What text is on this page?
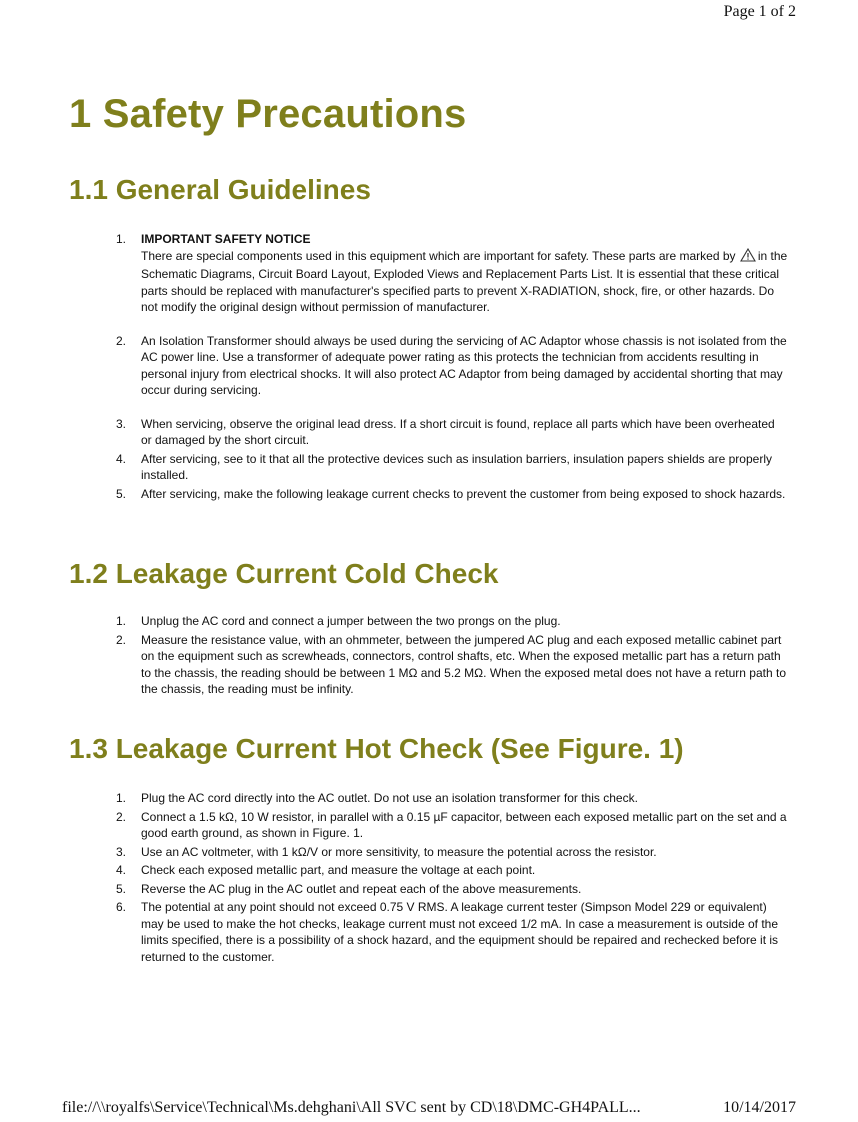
Page 1 of 2
1 Safety Precautions
1.1 General Guidelines
1. IMPORTANT SAFETY NOTICE
There are special components used in this equipment which are important for safety. These parts are marked by in the Schematic Diagrams, Circuit Board Layout, Exploded Views and Replacement Parts List. It is essential that these critical parts should be replaced with manufacturer's specified parts to prevent X-RADIATION, shock, fire, or other hazards. Do not modify the original design without permission of manufacturer.
2. An Isolation Transformer should always be used during the servicing of AC Adaptor whose chassis is not isolated from the AC power line. Use a transformer of adequate power rating as this protects the technician from accidents resulting in personal injury from electrical shocks. It will also protect AC Adaptor from being damaged by accidental shorting that may occur during servicing.
3. When servicing, observe the original lead dress. If a short circuit is found, replace all parts which have been overheated or damaged by the short circuit.
4. After servicing, see to it that all the protective devices such as insulation barriers, insulation papers shields are properly installed.
5. After servicing, make the following leakage current checks to prevent the customer from being exposed to shock hazards.
1.2 Leakage Current Cold Check
1. Unplug the AC cord and connect a jumper between the two prongs on the plug.
2. Measure the resistance value, with an ohmmeter, between the jumpered AC plug and each exposed metallic cabinet part on the equipment such as screwheads, connectors, control shafts, etc. When the exposed metallic part has a return path to the chassis, the reading should be between 1 MΩ and 5.2 MΩ. When the exposed metal does not have a return path to the chassis, the reading must be infinity.
1.3 Leakage Current Hot Check (See Figure. 1)
1. Plug the AC cord directly into the AC outlet. Do not use an isolation transformer for this check.
2. Connect a 1.5 kΩ, 10 W resistor, in parallel with a 0.15 µF capacitor, between each exposed metallic part on the set and a good earth ground, as shown in Figure. 1.
3. Use an AC voltmeter, with 1 kΩ/V or more sensitivity, to measure the potential across the resistor.
4. Check each exposed metallic part, and measure the voltage at each point.
5. Reverse the AC plug in the AC outlet and repeat each of the above measurements.
6. The potential at any point should not exceed 0.75 V RMS. A leakage current tester (Simpson Model 229 or equivalent) may be used to make the hot checks, leakage current must not exceed 1/2 mA. In case a measurement is outside of the limits specified, there is a possibility of a shock hazard, and the equipment should be repaired and rechecked before it is returned to the customer.
file://\\royalfs\Service\Technical\Ms.dehghani\All SVC sent by CD\18\DMC-GH4PALL...	10/14/2017
